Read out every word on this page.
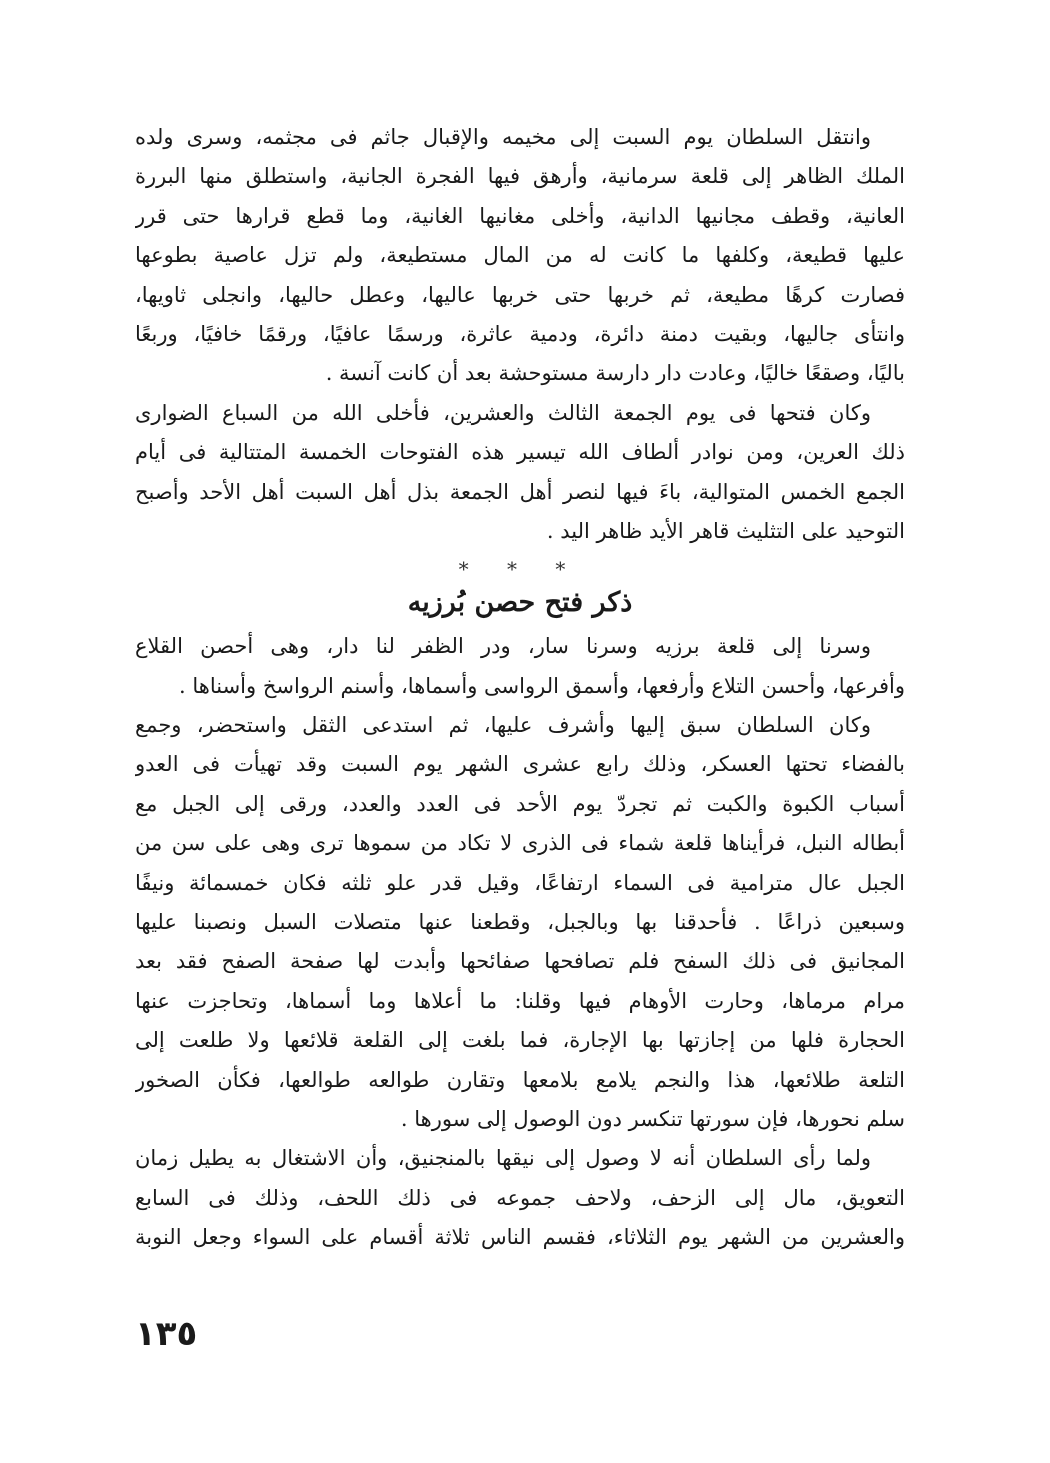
وانتقل السلطان يوم السبت إلى مخيمه والإقبال جاثم فى مجثمه، وسرى ولده
الملك الظاهر إلى قلعة سرمانية، وأرهق فيها الفجرة الجانية، واستطلق منها البررة
العانية، وقطف مجانيها الدانية، وأخلى مغانيها الغانية، وما قطع قرارها حتى قرر
عليها قطيعة، وكلفها ما كانت له من المال مستطيعة، ولم تزل عاصية بطوعها
فصارت كرهًا مطيعة، ثم خربها حتى خربها عاليها، وعطل حاليها، وانجلى ثاويها،
وانتأى جاليها، وبقيت دمنة دائرة، ودمية عاثرة، ورسمًا عافيًا، ورقمًا خافيًا، وربعًا
باليًا، وصقعًا خاليًا، وعادت دار دارسة مستوحشة بعد أن كانت آنسة .
وكان فتحها فى يوم الجمعة الثالث والعشرين، فأخلى الله من السباع الضوارى
ذلك العرين، ومن نوادر ألطاف الله تيسير هذه الفتوحات الخمسة المتتالية فى أيام
الجمع الخمس المتوالية، باءَ فيها لنصر أهل الجمعة بذل أهل السبت أهل الأحد وأصبح
التوحيد على التثليث قاهر الأيد ظاهر اليد .
* * *
ذكر فتح حصن بُرزيه
وسرنا إلى قلعة برزيه وسرنا سار، ودر الظفر لنا دار، وهى أحصن القلاع
وأفرعها، وأحسن التلاع وأرفعها، وأسمق الرواسى وأسماها، وأسنم الرواسخ وأسناها .
وكان السلطان سبق إليها وأشرف عليها، ثم استدعى الثقل واستحضر، وجمع
بالفضاء تحتها العسكر، وذلك رابع عشرى الشهر يوم السبت وقد تهيأت فى العدو
أسباب الكبوة والكبت ثم تجردّ يوم الأحد فى العدد والعدد، ورقى إلى الجبل مع
أبطاله النبل، فرأيناها قلعة شماء فى الذرى لا تكاد من سموها ترى وهى على سن من
الجبل عال مترامية فى السماء ارتفاعًا، وقيل قدر علو ثلثه فكان خمسمائة ونيفًا
وسبعين ذراعًا . فأحدقنا بها وبالجبل، وقطعنا عنها متصلات السبل ونصبنا عليها
المجانيق فى ذلك السفح فلم تصافحها صفائحها وأبدت لها صفحة الصفح فقد بعد
مرام مرماها، وحارت الأوهام فيها وقلنا: ما أعلاها وما أسماها، وتحاجزت عنها
الحجارة فلها من إجازتها بها الإجارة، فما بلغت إلى القلعة قلائعها ولا طلعت إلى
التلعة طلائعها، هذا والنجم يلامع بلامعها وتقارن طوالعه طوالعها، فكأن الصخور
سلم نحورها، فإن سورتها تنكسر دون الوصول إلى سورها .
ولما رأى السلطان أنه لا وصول إلى نيقها بالمنجنيق، وأن الاشتغال به يطيل زمان
التعويق، مال إلى الزحف، ولاحف جموعه فى ذلك اللحف، وذلك فى السابع
والعشرين من الشهر يوم الثلاثاء، فقسم الناس ثلاثة أقسام على السواء وجعل النوبة
١٣٥
